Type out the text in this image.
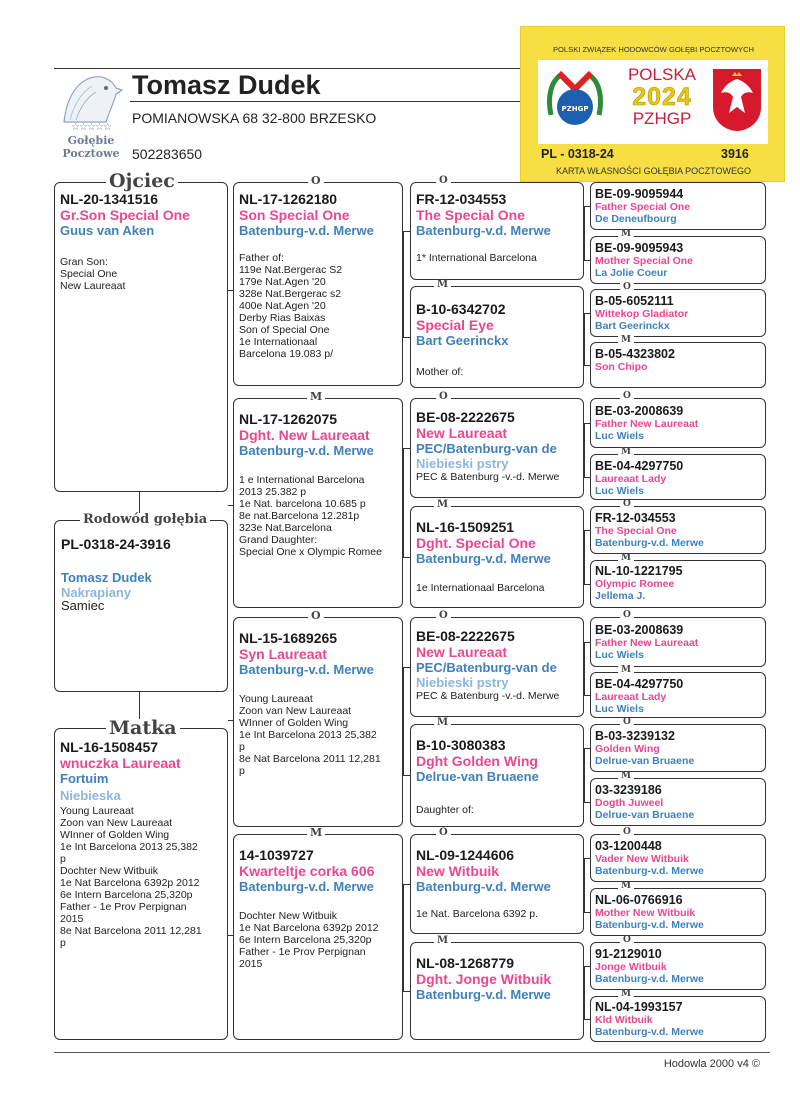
☆☆☆☆☆
Gołębie
Pocztowe
Tomasz Dudek
POMIANOWSKA 68 32-800 BRZESKO
502283650
POLSKI ZWIĄZEK HODOWCÓW GOŁĘBI POCZTOWYCH
PZHGP
POLSKA
2024
PZHGP
PL - 0318-24	3916
KARTA WŁASNOŚCI GOŁĘBIA POCZTOWEGO
NL-20-1341516
Gr.Son Special One
Guus van Aken
Gran Son:
Special One
New Laureaat
Ojciec
PL-0318-24-3916
Tomasz Dudek
Nakrapiany
Samiec
Rodowód gołębia
NL-16-1508457
wnuczka Laureaat
Fortuim
Niebieska
Young Laureaat
Zoon van New Laureaat
WInner of Golden Wing
1e Int Barcelona 2013 25,382
p
Dochter New Witbuik
1e Nat Barcelona 6392p 2012
6e Intern Barcelona 25,320p
Father - 1e Prov Perpignan
2015
8e Nat Barcelona 2011 12,281
p
Matka
NL-17-1262180
Son Special One
Batenburg-v.d. Merwe
Father of:
119e Nat.Bergerac S2
179e Nat.Agen '20
328e Nat.Bergerac s2
400e Nat.Agen '20
Derby Rias Baixas
Son of Special One
1e Internationaal
Barcelona 19.083 p/
O
NL-17-1262075
Dght. New Laureaat
Batenburg-v.d. Merwe
1 e International Barcelona
2013 25.382 p
1e Nat. barcelona 10.685 p
8e nat.Barcelona 12.281p
323e Nat.Barcelona
Grand Daughter:
Special One x Olympic Romee
M
NL-15-1689265
Syn Laureaat
Batenburg-v.d. Merwe
Young Laureaat
Zoon van New Laureaat
WInner of Golden Wing
1e Int Barcelona 2013 25,382
p
8e Nat Barcelona 2011 12,281
p
O
14-1039727
Kwarteltje corka 606
Batenburg-v.d. Merwe
Dochter New Witbuik
1e Nat Barcelona 6392p 2012
6e Intern Barcelona 25,320p
Father - 1e Prov Perpignan
2015
M
FR-12-034553
The Special One
Batenburg-v.d. Merwe
1* International Barcelona
O
B-10-6342702
Special Eye
Bart Geerinckx
Mother of:
M
BE-08-2222675
New Laureaat
PEC/Batenburg-van de
Niebieski pstry
PEC & Batenburg -v.-d. Merwe
O
NL-16-1509251
Dght. Special One
Batenburg-v.d. Merwe
1e Internationaal Barcelona
M
BE-08-2222675
New Laureaat
PEC/Batenburg-van de
Niebieski pstry
PEC & Batenburg -v.-d. Merwe
O
B-10-3080383
Dght Golden Wing
Delrue-van Bruaene
Daughter of:
M
NL-09-1244606
New Witbuik
Batenburg-v.d. Merwe
1e Nat. Barcelona 6392 p.
O
NL-08-1268779
Dght. Jonge Witbuik
Batenburg-v.d. Merwe
M
BE-09-9095944
Father Special One
De Deneufbourg
BE-09-9095943
Mother Special One
La Jolie Coeur
M
B-05-6052111
Wittekop Gladiator
Bart Geerinckx
O
B-05-4323802
Son Chipo
M
BE-03-2008639
Father New Laureaat
Luc Wiels
O
BE-04-4297750
Laureaat Lady
Luc Wiels
M
FR-12-034553
The Special One
Batenburg-v.d. Merwe
O
NL-10-1221795
Olympic Romee
Jellema J.
M
BE-03-2008639
Father New Laureaat
Luc Wiels
O
BE-04-4297750
Laureaat Lady
Luc Wiels
M
B-03-3239132
Golden Wing
Delrue-van Bruaene
O
03-3239186
Dogth Juweel
Delrue-van Bruaene
M
03-1200448
Vader New Witbuik
Batenburg-v.d. Merwe
O
NL-06-0766916
Mother New Witbuik
Batenburg-v.d. Merwe
M
91-2129010
Jonge Witbuik
Batenburg-v.d. Merwe
O
NL-04-1993157
Kld Witbuik
Batenburg-v.d. Merwe
M
Hodowla 2000 v4 ©
